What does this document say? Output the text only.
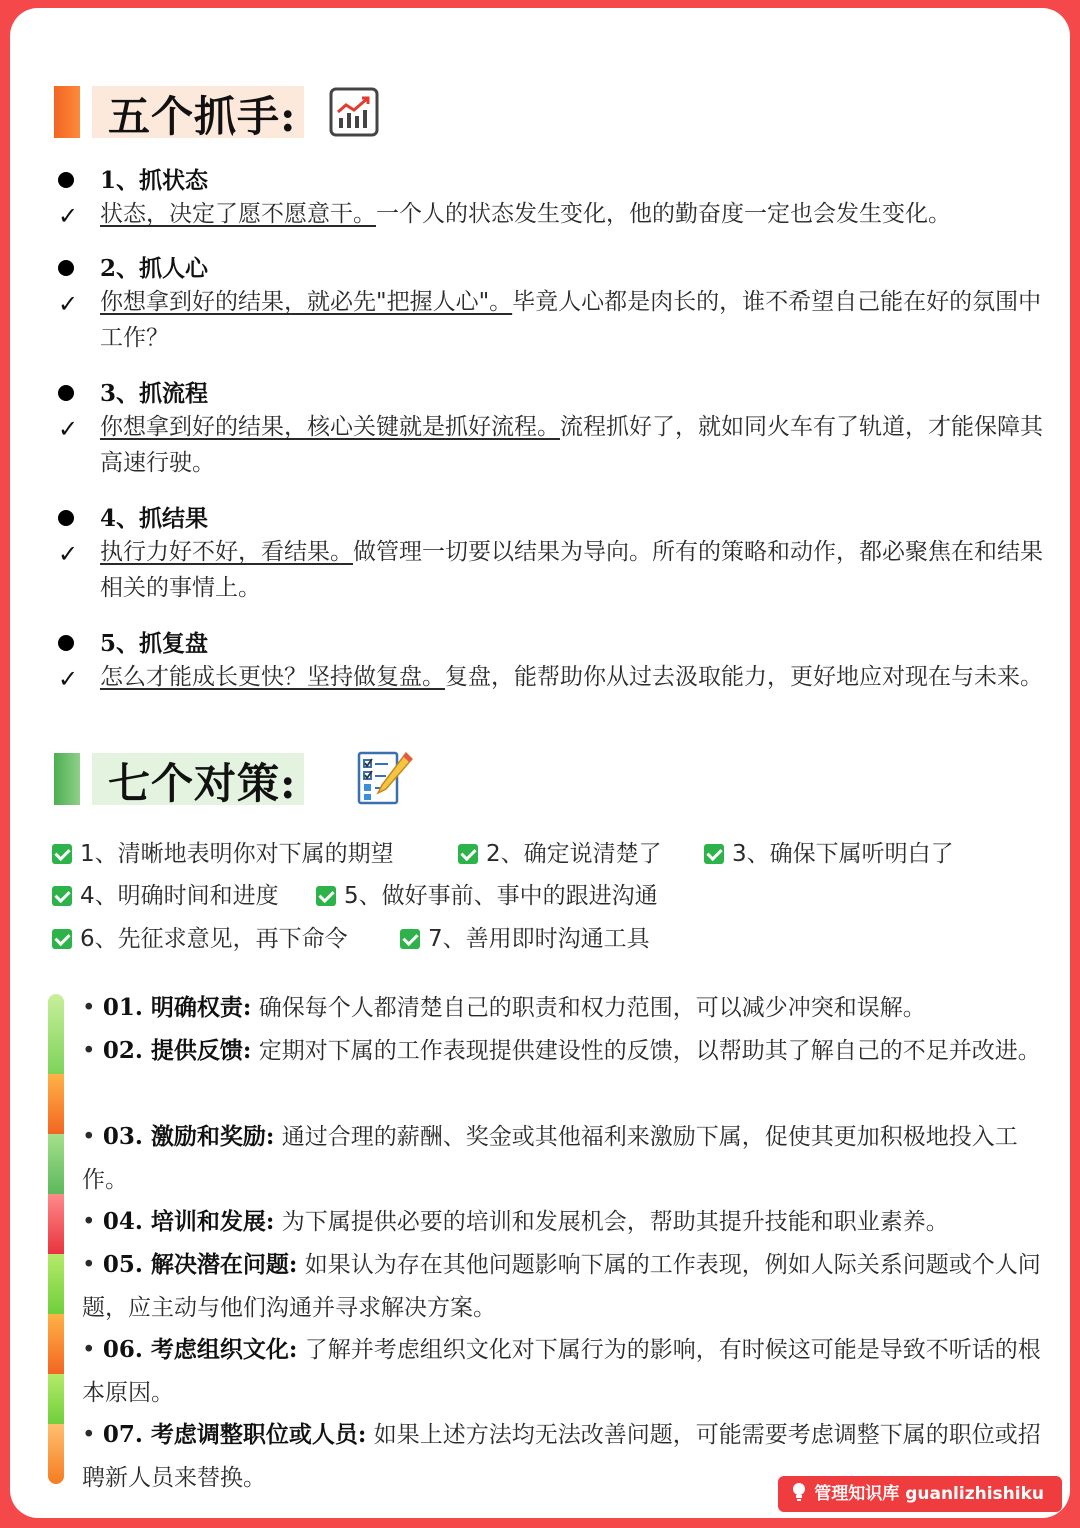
五个抓手:
1、抓状态
✓ 状态，决定了愿不愿意干。一个人的状态发生变化，他的勤奋度一定也会发生变化。
2、抓人心
✓ 你想拿到好的结果，就必先"把握人心"。毕竟人心都是肉长的，谁不希望自己能在好的氛围中工作？
3、抓流程
✓ 你想拿到好的结果，核心关键就是抓好流程。流程抓好了，就如同火车有了轨道，才能保障其高速行驶。
4、抓结果
✓ 执行力好不好，看结果。做管理一切要以结果为导向。所有的策略和动作，都必聚焦在和结果相关的事情上。
5、抓复盘
✓ 怎么才能成长更快？坚持做复盘。复盘，能帮助你从过去汲取能力，更好地应对现在与未来。
七个对策:
1、清晰地表明你对下属的期望	2、确定说清楚了	3、确保下属听明白了
4、明确时间和进度	5、做好事前、事中的跟进沟通
6、先征求意见，再下命令	7、善用即时沟通工具
• 01. 明确权责: 确保每个人都清楚自己的职责和权力范围，可以减少冲突和误解。
• 02. 提供反馈: 定期对下属的工作表现提供建设性的反馈，以帮助其了解自己的不足并改进。
• 03. 激励和奖励: 通过合理的薪酬、奖金或其他福利来激励下属，促使其更加积极地投入工作。
• 04. 培训和发展: 为下属提供必要的培训和发展机会，帮助其提升技能和职业素养。
• 05. 解决潜在问题: 如果认为存在其他问题影响下属的工作表现，例如人际关系问题或个人问题，应主动与他们沟通并寻求解决方案。
• 06. 考虑组织文化: 了解并考虑组织文化对下属行为的影响，有时候这可能是导致不听话的根本原因。
• 07. 考虑调整职位或人员: 如果上述方法均无法改善问题，可能需要考虑调整下属的职位或招聘新人员来替换。
管理知识库 guanlizhishiku
